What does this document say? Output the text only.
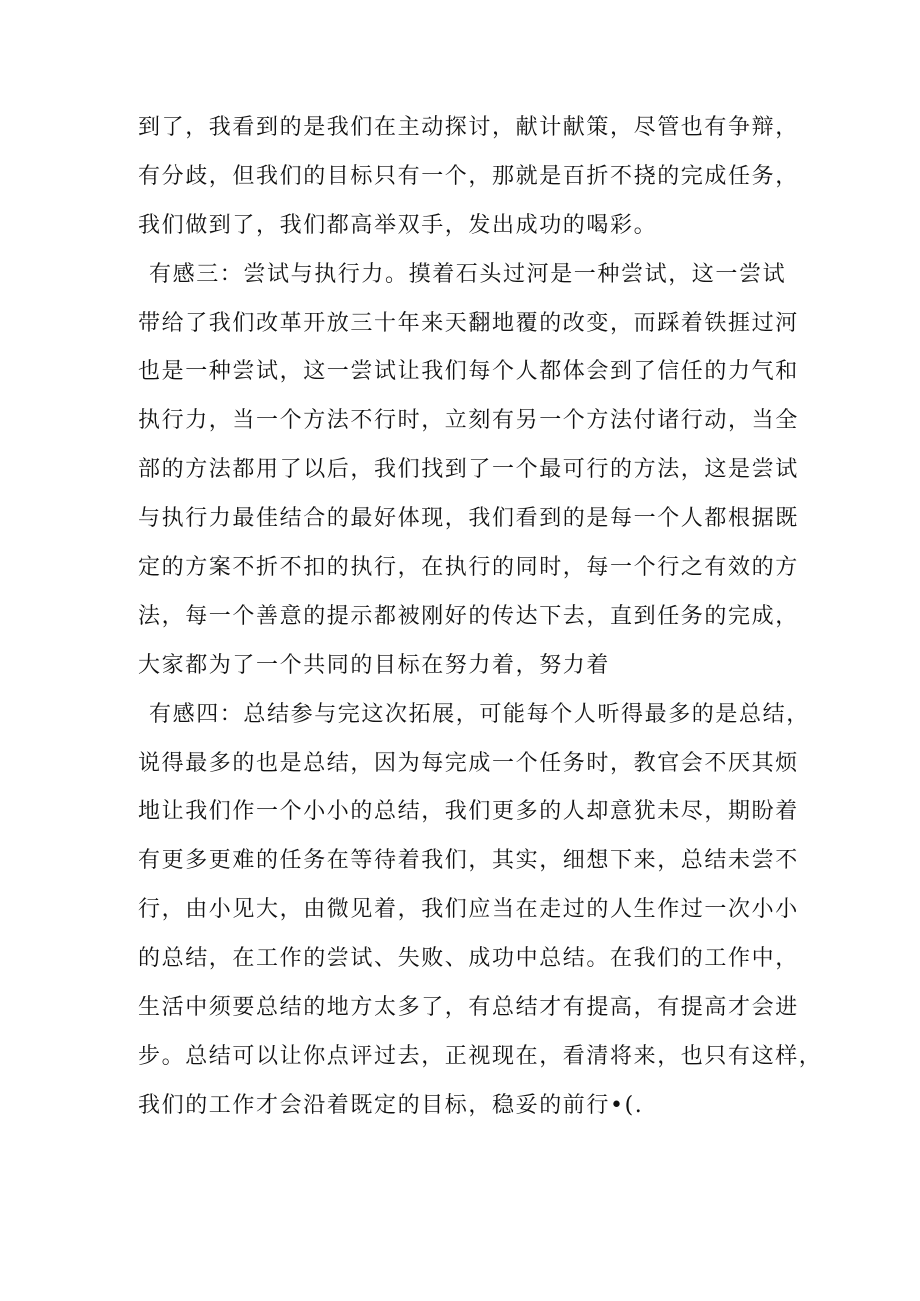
到了，我看到的是我们在主动探讨，献计献策，尽管也有争辩，
有分歧，但我们的目标只有一个，那就是百折不挠的完成任务，
我们做到了，我们都高举双手，发出成功的喝彩。
有感三：尝试与执行力。摸着石头过河是一种尝试，这一尝试
带给了我们改革开放三十年来天翻地覆的改变，而踩着铁捱过河
也是一种尝试，这一尝试让我们每个人都体会到了信任的力气和
执行力，当一个方法不行时，立刻有另一个方法付诸行动，当全
部的方法都用了以后，我们找到了一个最可行的方法，这是尝试
与执行力最佳结合的最好体现，我们看到的是每一个人都根据既
定的方案不折不扣的执行，在执行的同时，每一个行之有效的方
法，每一个善意的提示都被刚好的传达下去，直到任务的完成，
大家都为了一个共同的目标在努力着，努力着
有感四：总结参与完这次拓展，可能每个人听得最多的是总结，
说得最多的也是总结，因为每完成一个任务时，教官会不厌其烦
地让我们作一个小小的总结，我们更多的人却意犹未尽，期盼着
有更多更难的任务在等待着我们，其实，细想下来，总结未尝不
行，由小见大，由微见着，我们应当在走过的人生作过一次小小
的总结，在工作的尝试、失败、成功中总结。在我们的工作中，
生活中须要总结的地方太多了，有总结才有提高，有提高才会进
步。总结可以让你点评过去，正视现在，看清将来，也只有这样，
我们的工作才会沿着既定的目标，稳妥的前行•(.
